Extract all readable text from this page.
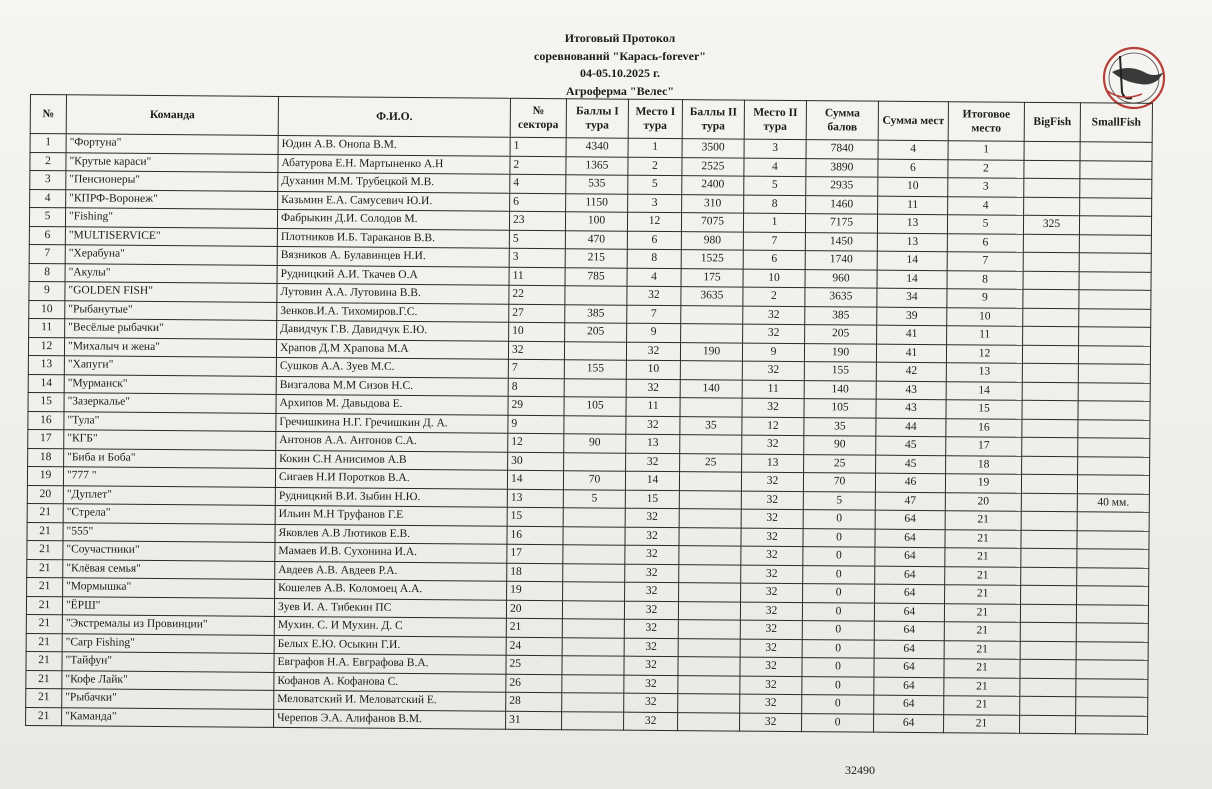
Итоговый Протокол
соревнований "Карась-forever"
04-05.10.2025 г.
Агроферма "Велес"
№	Команда	Ф.И.О.	№ сектора	Баллы I тура	Место I тура	Баллы II тура	Место II тура	Сумма балов	Сумма мест	Итоговое место	BigFish	SmallFish
1	"Фортуна"	Юдин А.В. Онопа В.М.	1	4340	1	3500	3	7840	4	1		
2	"Крутые караси"	Абатурова Е.Н. Мартыненко А.Н	2	1365	2	2525	4	3890	6	2		
3	"Пенсионеры"	Духанин М.М. Трубецкой М.В.	4	535	5	2400	5	2935	10	3		
4	"КПРФ-Воронеж"	Казьмин Е.А. Самусевич Ю.И.	6	1150	3	310	8	1460	11	4		
5	"Fishing"	Фабрыкин Д.И. Солодов М.	23	100	12	7075	1	7175	13	5	325	
6	"MULTISERVICE"	Плотников И.Б. Тараканов В.В.	5	470	6	980	7	1450	13	6		
7	"Херабуна"	Вязников А. Булавинцев Н.И.	3	215	8	1525	6	1740	14	7		
8	"Акулы"	Рудницкий А.И. Ткачев О.А	11	785	4	175	10	960	14	8		
9	"GOLDEN FISH"	Лутовин А.А. Лутовина В.В.	22		32	3635	2	3635	34	9		
10	"Рыбанутые"	Зенков.И.А. Тихомиров.Г.С.	27	385	7		32	385	39	10		
11	"Весёлые рыбачки"	Давидчук Г.В. Давидчук Е.Ю.	10	205	9		32	205	41	11		
12	"Михалыч и жена"	Храпов Д.М Храпова М.А	32		32	190	9	190	41	12		
13	"Хапуги"	Сушков А.А. Зуев М.С.	7	155	10		32	155	42	13		
14	"Мурманск"	Визгалова М.М Сизов Н.С.	8		32	140	11	140	43	14		
15	"Зазеркалье"	Архипов М. Давыдова Е.	29	105	11		32	105	43	15		
16	"Тула"	Гречишкина Н.Г. Гречишкин Д. А.	9		32	35	12	35	44	16		
17	"КГБ"	Антонов А.А. Антонов С.А.	12	90	13		32	90	45	17		
18	"Биба и Боба"	Кокин С.Н Анисимов А.В	30		32	25	13	25	45	18		
19	"777 "	Сигаев Н.И Поротков В.А.	14	70	14		32	70	46	19		
20	"Дуплет"	Рудницкий В.И. Зыбин Н.Ю.	13	5	15		32	5	47	20		40 мм.
21	"Стрела"	Ильин М.Н Труфанов Г.Е	15		32		32	0	64	21		
21	"555"	Яковлев А.В Лютиков Е.В.	16		32		32	0	64	21		
21	"Соучастники"	Мамаев И.В. Сухонина И.А.	17		32		32	0	64	21		
21	"Клёвая семья"	Авдеев А.В. Авдеев Р.А.	18		32		32	0	64	21		
21	"Мормышка"	Кошелев А.В. Коломоец А.А.	19		32		32	0	64	21		
21	"ЁРШ"	Зуев И. А. Тибекин ПС	20		32		32	0	64	21		
21	"Экстремалы из Провинции"	Мухин. С. И Мухин. Д. С	21		32		32	0	64	21		
21	"Carp Fishing"	Белых Е.Ю. Осыкин Г.И.	24		32		32	0	64	21		
21	"Тайфун"	Евграфов Н.А. Евграфова В.А.	25		32		32	0	64	21		
21	"Кофе Лайк"	Кофанов А. Кофанова С.	26		32		32	0	64	21		
21	"Рыбачки"	Меловатский И. Меловатский Е.	28		32		32	0	64	21		
21	"Каманда"	Черепов Э.А. Алифанов В.М.	31		32		32	0	64	21		
32490
